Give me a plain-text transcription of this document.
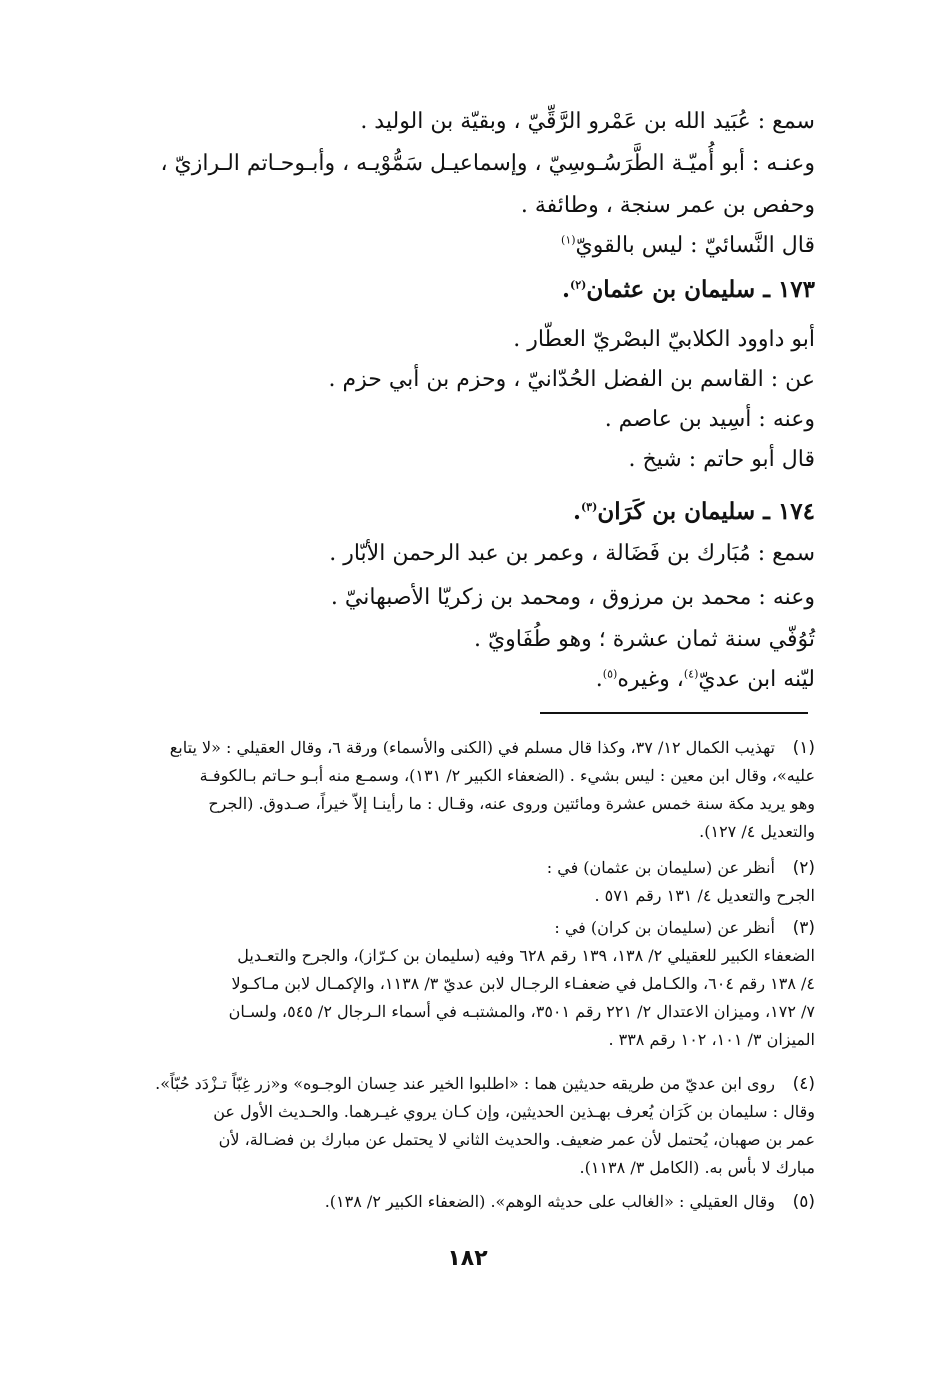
سمع : عُبَيد الله بن عَمْرو الرَّقِّيّ ، وبقيّة بن الوليد .
وعنـه : أبو أُميّـة الطَّرَسُـوسِيّ ، وإسماعيـل سَمُّوْيـه ، وأبـوحـاتم الـرازيّ ،
وحفص بن عمر سنجة ، وطائفة .
قال النَّسائيّ : ليس بالقويّ$^{(١)}$
١٧٣ ـ سليمان بن عثمان$^{(٢)}$.
أبو داوود الكلابيّ البصْريّ العطّار .
عن : القاسم بن الفضل الحُدّانيّ ، وحزم بن أبي حزم .
وعنه : أسِيد بن عاصم .
قال أبو حاتم : شيخ .
١٧٤ ـ سليمان بن كَرَان$^{(٣)}$.
سمع : مُبَارك بن فَضَالة ، وعمر بن عبد الرحمن الأبّار .
وعنه : محمد بن مرزوق ، ومحمد بن زكريّا الأصبهانيّ .
تُوُفّي سنة ثمان عشرة ؛ وهو طُفَاويّ .
ليّنه ابن عديّ$^{(٤)}$، وغيره$^{(٥)}$.
(١)
تهذيب الكمال ١٢/ ٣٧، وكذا قال مسلم في (الكنى والأسماء) ورقة ٦، وقال العقيلي : «لا يتابع
عليه»، وقال ابن معين : ليس بشيء . (الضعفاء الكبير ٢/ ١٣١)، وسمـع منه أبـو حـاتم بـالكوفـة
وهو يريد مكة سنة خمس عشرة ومائتين وروى عنه، وقـال : ما رأينـا إلاّ خيراً، صـدوق. (الجرح
والتعديل ٤/ ١٢٧).
(٢)
أنظر عن (سليمان بن عثمان) في :
الجرح والتعديل ٤/ ١٣١ رقم ٥٧١ .
(٣)
أنظر عن (سليمان بن كران) في :
الضعفاء الكبير للعقيلي ٢/ ١٣٨، ١٣٩ رقم ٦٢٨ وفيه (سليمان بن كـرّاز)، والجرح والتعـديل
٤/ ١٣٨ رقم ٦٠٤، والكـامل في ضعفـاء الرجـال لابن عديّ ٣/ ١١٣٨، والإكمـال لابن مـاكـولا
٧/ ١٧٢، وميزان الاعتدال ٢/ ٢٢١ رقم ٣٥٠١، والمشتبـه في أسماء الـرجال ٢/ ٥٤٥، ولسـان
الميزان ٣/ ١٠١، ١٠٢ رقم ٣٣٨ .
(٤)
روى ابن عديّ من طريقه حديثين هما : «اطلبوا الخير عند حِسان الوجـوه» و«زر غِبّاً تـزْدَد حُبّاً».
وقال : سليمان بن كَرَان يُعرف بهـذين الحديثين، وإن كـان يروي غيـرهما. والحـديث الأول عن
عمر بن صهبان، يُحتمل لأن عمر ضعيف. والحديث الثاني لا يحتمل عن مبارك بن فضـالة، لأن
مبارك لا بأس به. (الكامل ٣/ ١١٣٨).
(٥)
وقال العقيلي : «الغالب على حديثه الوهم». (الضعفاء الكبير ٢/ ١٣٨).
١٨٢
